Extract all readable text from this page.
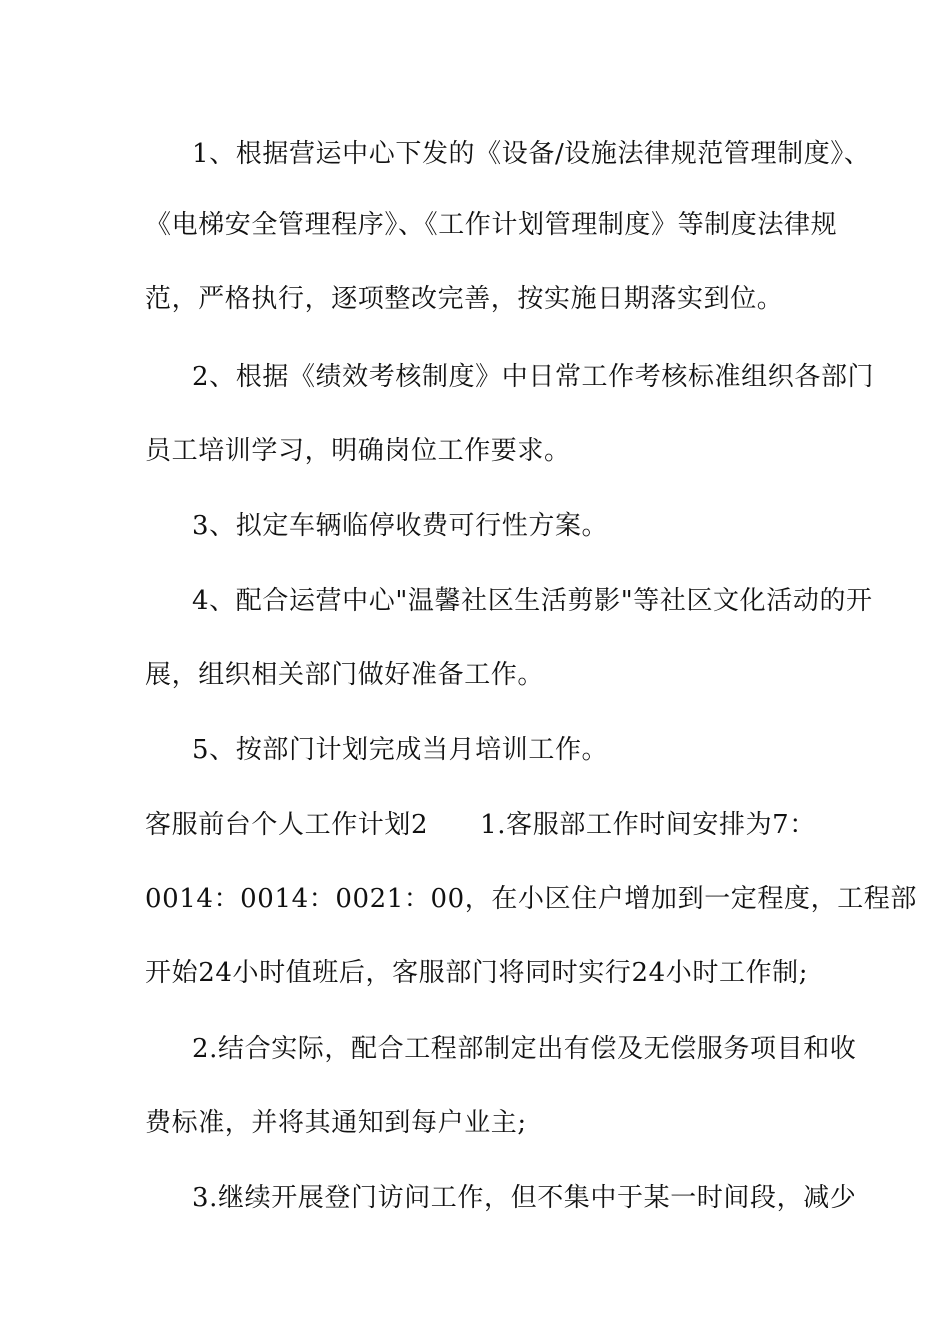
1、根据营运中心下发的《设备/设施法律规范管理制度》、
《电梯安全管理程序》、《工作计划管理制度》等制度法律规
范，严格执行，逐项整改完善，按实施日期落实到位。
2、根据《绩效考核制度》中日常工作考核标准组织各部门
员工培训学习，明确岗位工作要求。
3、拟定车辆临停收费可行性方案。
4、配合运营中心"温馨社区生活剪影"等社区文化活动的开
展，组织相关部门做好准备工作。
5、按部门计划完成当月培训工作。
客服前台个人工作计划2 1.客服部工作时间安排为7：
0014：0014：0021：00，在小区住户增加到一定程度，工程部
开始24小时值班后，客服部门将同时实行24小时工作制;
2.结合实际，配合工程部制定出有偿及无偿服务项目和收
费标准，并将其通知到每户业主;
3.继续开展登门访问工作，但不集中于某一时间段，减少
